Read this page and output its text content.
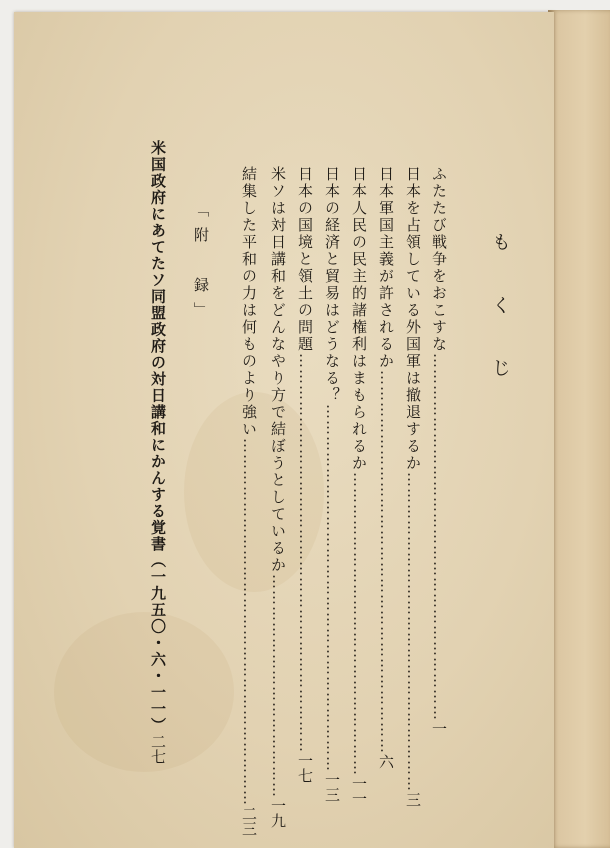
もくじ
ふたたび戦争をおこすな
……………………………………………………………
一
日本を占領している外国軍は撤退するか
……………………………………………………
三
日本軍国主義が許されるか
………………………………………………………………
六
日本人民の民主的諸権利はまもられるか
…………………………………………………
一一
日本の経済と貿易はどうなる？
……………………………………………………………
一三
日本の国境と領土の問題
…………………………………………………………………
一七
米ソは対日講和をどんなやり方で結ぼうとしているか
……………………………………
一九
結集した平和の力は何ものより強い
……………………………………………………………
二三
「附　録」
米国政府にあてたソ同盟政府の対日講和にかんする覚書（一九五〇・六・一一）
二七
